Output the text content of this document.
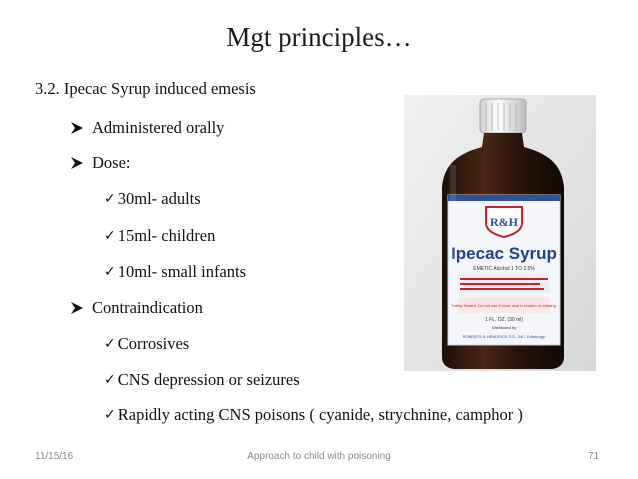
Mgt principles…
3.2. Ipecac Syrup induced emesis
Administered orally
Dose:
✓ 30ml- adults
✓ 15ml- children
✓ 10ml- small infants
Contraindication
✓ Corrosives
✓ CNS depression or seizures
✓ Rapidly acting CNS poisons ( cyanide, strychnine, camphor )
R&H
Ipecac Syrup
EMETIC Alcohol 1 TO 2.5%
Safety Sealed: Do not use if inner seal is broken or missing.
1 FL. OZ. (30 ml)
Distributed by
ROBERTS & HENDRICK CO., INC. Edinburgh
11/15/16	Approach to child with poisoning	71
